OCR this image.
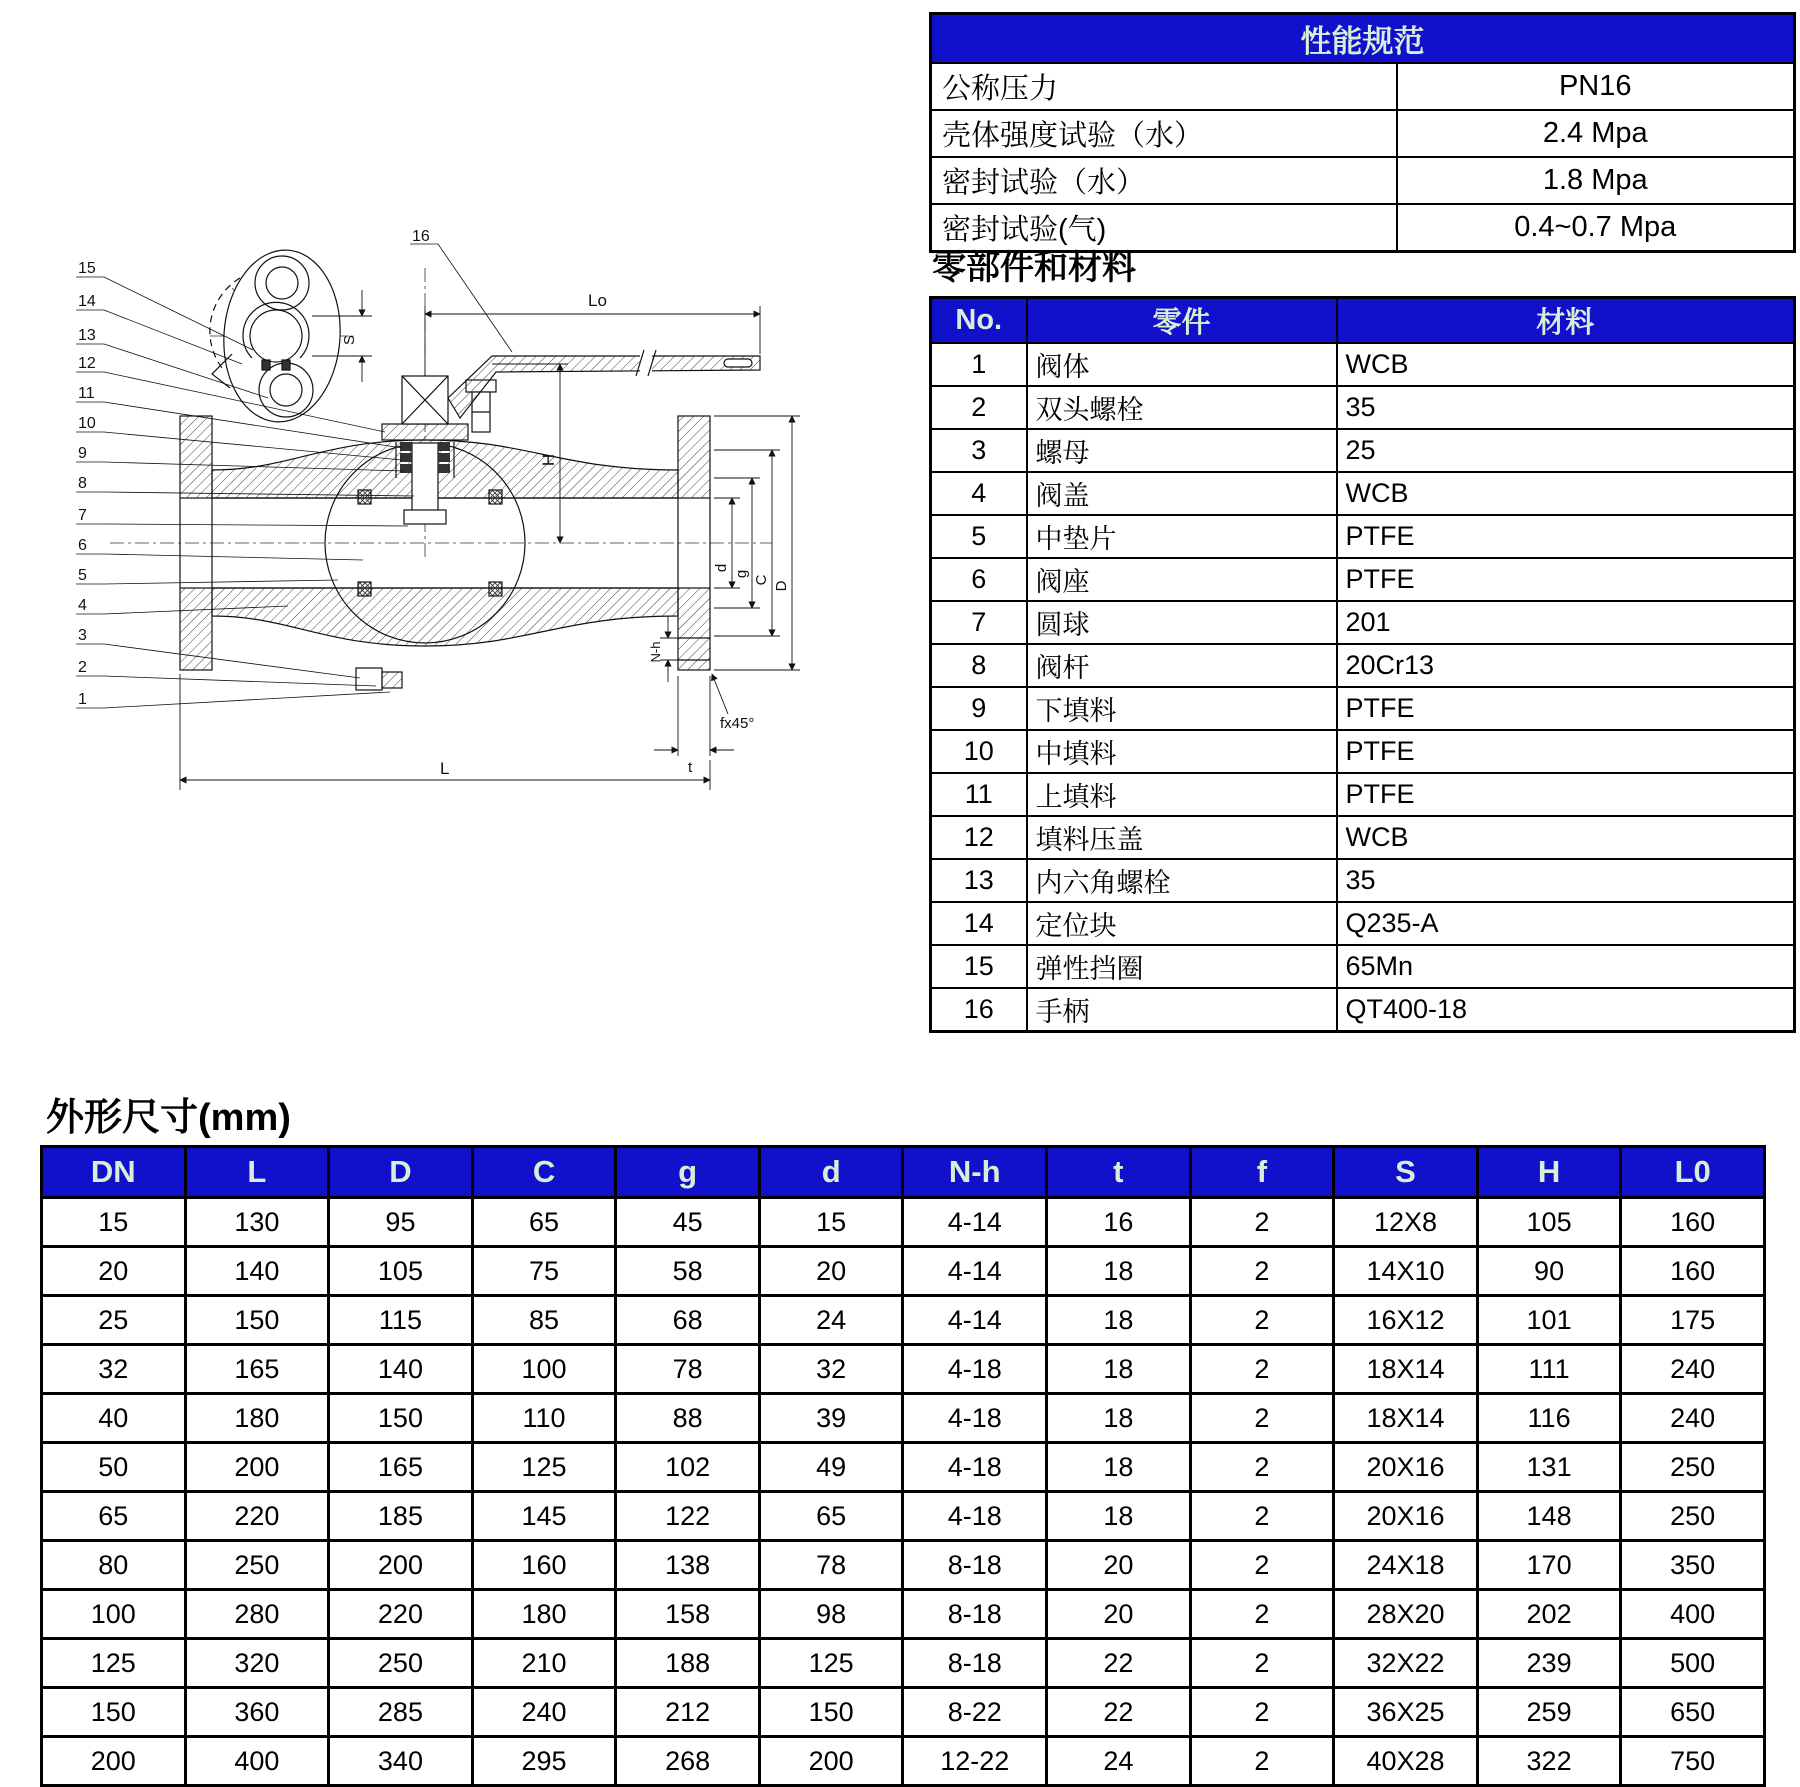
性能规范	
公称压力	PN16
壳体强度试验（水）	2.4 Mpa
密封试验（水）	1.8 Mpa
密封试验(气)	0.4~0.7 Mpa
零部件和材料
No.	零件	材料
1	阀体	WCB
2	双头螺栓	35
3	螺母	25
4	阀盖	WCB
5	中垫片	PTFE
6	阀座	PTFE
7	圆球	201
8	阀杆	20Cr13
9	下填料	PTFE
10	中填料	PTFE
11	上填料	PTFE
12	填料压盖	WCB
13	内六角螺栓	35
14	定位块	Q235-A
15	弹性挡圈	65Mn
16	手柄	QT400-18
外形尺寸(mm)
DN	L	D	C	g	d	N-h	t	f	S	H	L0
15	130	95	65	45	15	4-14	16	2	12X8	105	160
20	140	105	75	58	20	4-14	18	2	14X10	90	160
25	150	115	85	68	24	4-14	18	2	16X12	101	175
32	165	140	100	78	32	4-18	18	2	18X14	111	240
40	180	150	110	88	39	4-18	18	2	18X14	116	240
50	200	165	125	102	49	4-18	18	2	20X16	131	250
65	220	185	145	122	65	4-18	18	2	20X16	148	250
80	250	200	160	138	78	8-18	20	2	24X18	170	350
100	280	220	180	158	98	8-18	20	2	28X20	202	400
125	320	250	210	188	125	8-18	22	2	32X22	239	500
150	360	285	240	212	150	8-22	22	2	36X25	259	650
200	400	340	295	268	200	12-22	24	2	40X28	322	750
Lo
H
S
d
g
C
D
N-h
fx45°
t
L
16
15
14
13
12
11
10
9
8
7
6
5
4
3
2
1
